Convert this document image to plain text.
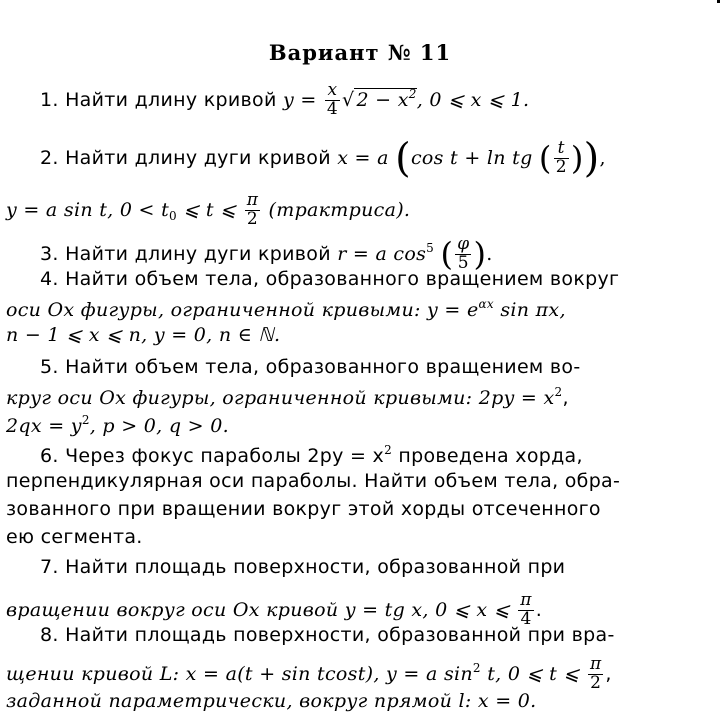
Вариант № 11
1. Найти длину кривой $y = \frac{x}{4}$ √ $2 - x^2$, 0 ⩽ x ⩽ 1.
2. Найти длину дуги кривой x = a (cos t + ln tg ( $\frac{t}{2}$ )),
y = a sin t, $0 < t_0$ ⩽ t ⩽ $\frac{\pi}{2}$ (трактриса).
3. Найти длину дуги кривой r = a $\cos^5$ ( $\frac{\varphi}{5}$ ).
4. Найти объем тела, образованного вращением вокруг
оси Ox фигуры, ограниченной кривыми: $y = e^{\alpha x}$ sin πx,
n − 1 ⩽ x ⩽ n, y = 0, n ∈ ℕ.
5. Найти объем тела, образованного вращением во-
круг оси Ox фигуры, ограниченной кривыми: $2py = x^2$,
$2qx = y^2$, p > 0, q > 0.
6. Через фокус параболы $2py = x^2$ проведена хорда,
перпендикулярная оси параболы. Найти объем тела, обра-
зованного при вращении вокруг этой хорды отсеченного
ею сегмента.
7. Найти площадь поверхности, образованной при
вращении вокруг оси Ox кривой y = tg x, 0 ⩽ x ⩽ $\frac{\pi}{4}$ .
8. Найти площадь поверхности, образованной при вра-
щении кривой L: x = a(t + sin tcost), y = a $\sin^2 t$, 0 ⩽ t ⩽ $\frac{\pi}{2}$ ,
заданной параметрически, вокруг прямой l: x = 0.
